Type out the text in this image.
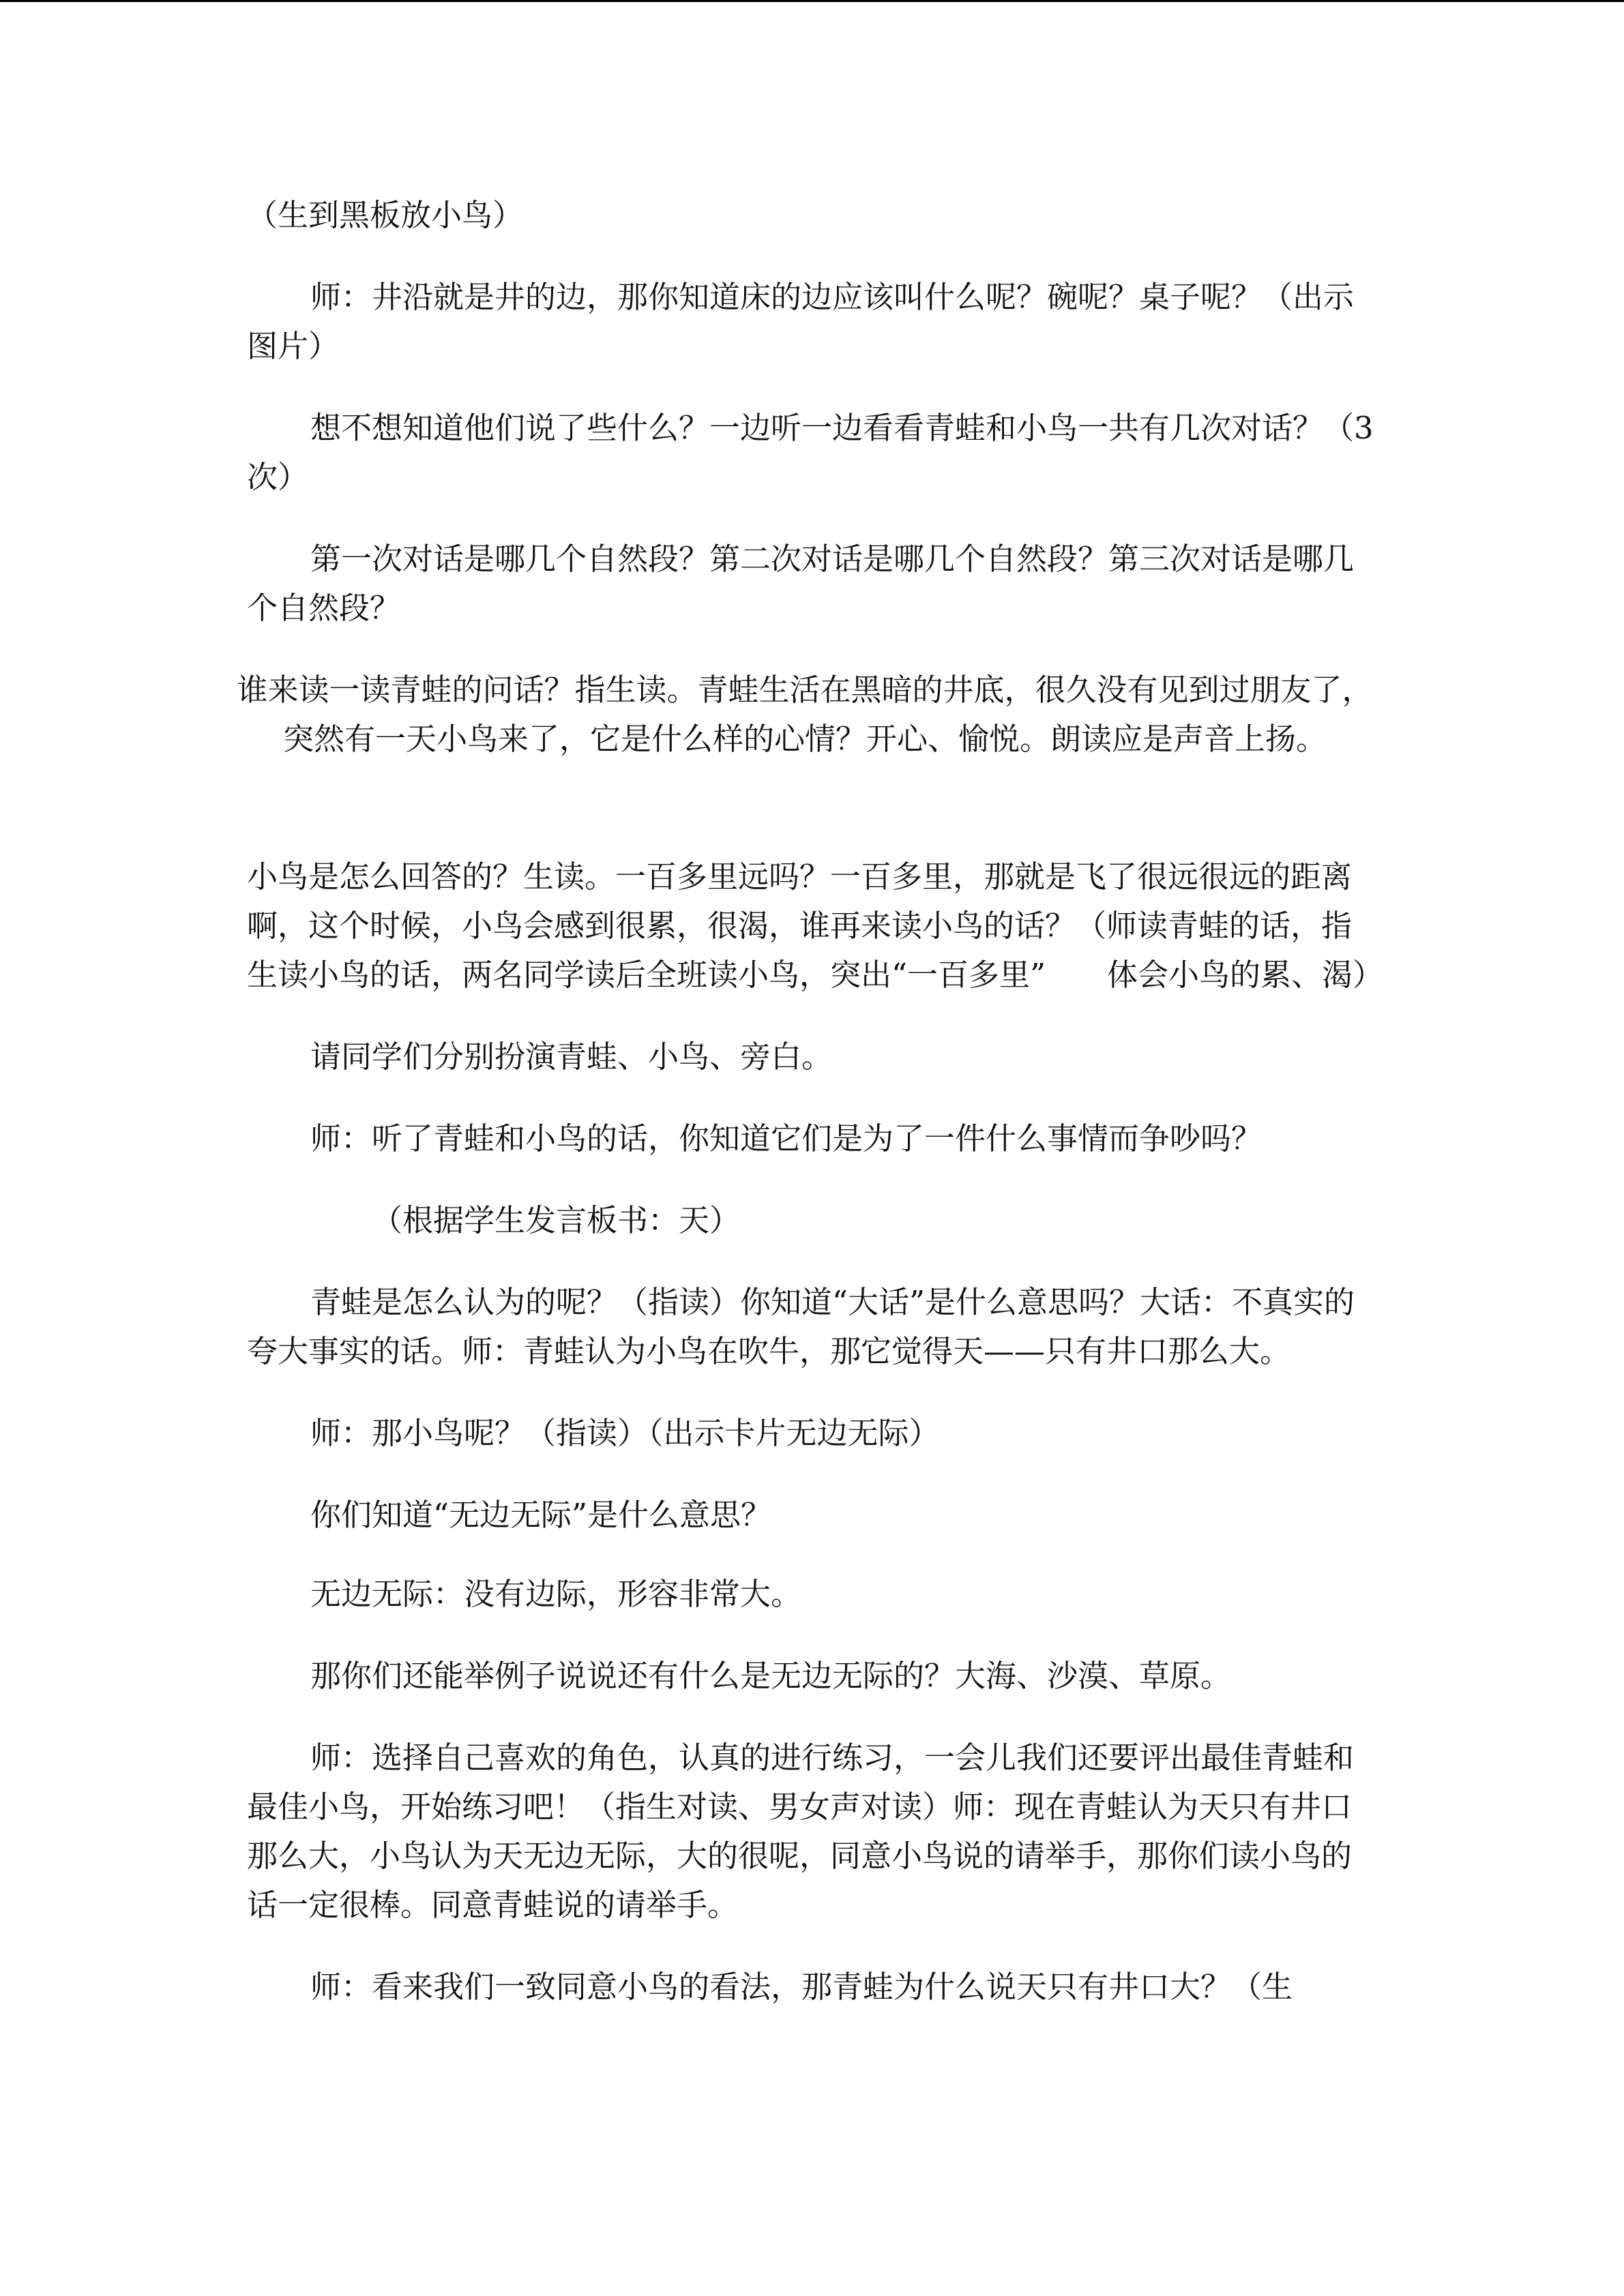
（生到黑板放小鸟）

师：井沿就是井的边，那你知道床的边应该叫什么呢？碗呢？桌子呢？（出示图片）

想不想知道他们说了些什么？一边听一边看看青蛙和小鸟一共有几次对话？（3次）

第一次对话是哪几个自然段？第二次对话是哪几个自然段？第三次对话是哪几个自然段？

谁来读一读青蛙的问话？指生读。青蛙生活在黑暗的井底，很久没有见到过朋友了，突然有一天小鸟来了，它是什么样的心情？开心、愉悦。朗读应是声音上扬。

小鸟是怎么回答的？生读。一百多里远吗？一百多里，那就是飞了很远很远的距离啊，这个时候，小鸟会感到很累，很渴，谁再来读小鸟的话？（师读青蛙的话，指生读小鸟的话，两名同学读后全班读小鸟，突出“一百多里”　　体会小鸟的累、渴）

请同学们分别扮演青蛙、小鸟、旁白。

师：听了青蛙和小鸟的话，你知道它们是为了一件什么事情而争吵吗？

（根据学生发言板书：天）

青蛙是怎么认为的呢？（指读）你知道“大话”是什么意思吗？大话：不真实的夸大事实的话。师：青蛙认为小鸟在吹牛，那它觉得天——只有井口那么大。

师：那小鸟呢？（指读）（出示卡片无边无际）

你们知道“无边无际”是什么意思？

无边无际：没有边际，形容非常大。

那你们还能举例子说说还有什么是无边无际的？大海、沙漠、草原。

师：选择自己喜欢的角色，认真的进行练习，一会儿我们还要评出最佳青蛙和最佳小鸟，开始练习吧！（指生对读、男女声对读）师：现在青蛙认为天只有井口那么大，小鸟认为天无边无际，大的很呢，同意小鸟说的请举手，那你们读小鸟的话一定很棒。同意青蛙说的请举手。

师：看来我们一致同意小鸟的看法，那青蛙为什么说天只有井口大？（生
